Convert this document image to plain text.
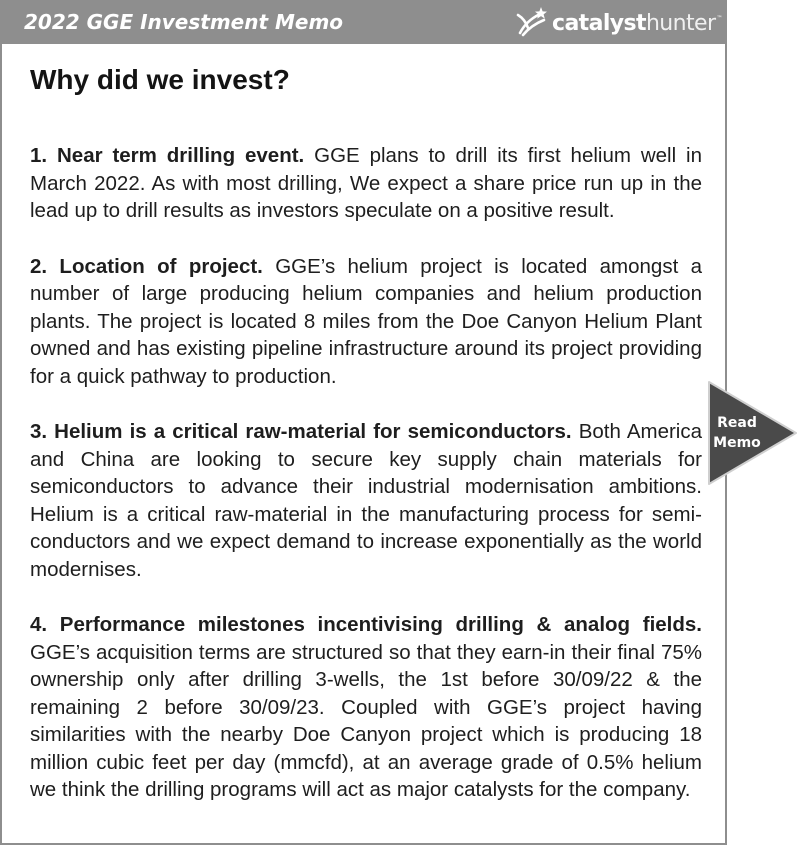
2022 GGE Investment Memo	catalysthunter ™
Why did we invest?

1. Near term drilling event. GGE plans to drill its first helium well in March 2022. As with most drilling, We expect a share price run up in the lead up to drill results as investors speculate on a positive result.

2. Location of project. GGE’s helium project is located amongst a number of large producing helium companies and helium production plants. The project is located 8 miles from the Doe Canyon Helium Plant owned and has existing pipeline infrastructure around its project providing for a quick pathway to production.

3. Helium is a critical raw-material for semiconductors. Both America and China are looking to secure key supply chain materials for semiconductors to advance their industrial modernisation ambitions. Helium is a critical raw-material in the manufacturing process for semi-conductors and we expect demand to increase exponentially as the world modernises.

4. Performance milestones incentivising drilling & analog fields. GGE’s acquisition terms are structured so that they earn-in their final 75% ownership only after drilling 3-wells, the 1st before 30/09/22 & the remaining 2 before 30/09/23. Coupled with GGE’s project having similarities with the nearby Doe Canyon project which is producing 18 million cubic feet per day (mmcfd), at an average grade of 0.5% helium we think the drilling programs will act as major catalysts for the company.

Read
Memo
